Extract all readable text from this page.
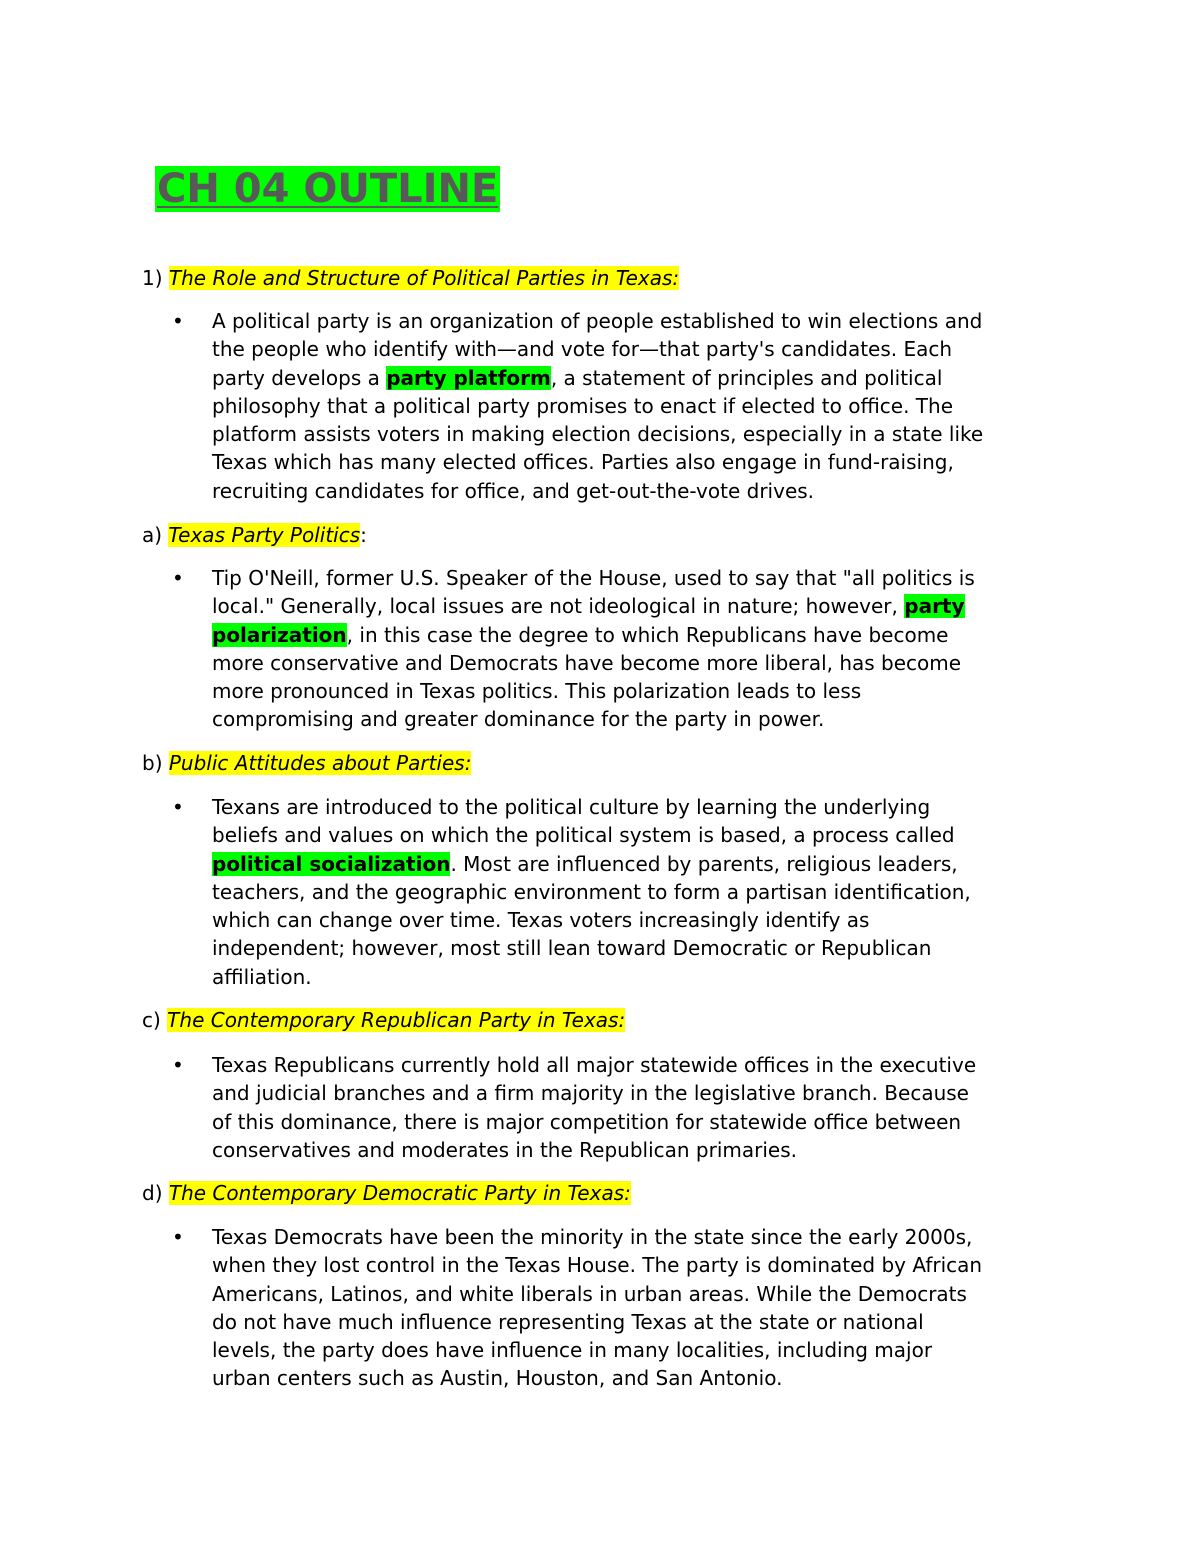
CH 04 OUTLINE
1) The Role and Structure of Political Parties in Texas:
• A political party is an organization of people established to win elections and
the people who identify with—and vote for—that party's candidates. Each
party develops a party platform, a statement of principles and political
philosophy that a political party promises to enact if elected to office. The
platform assists voters in making election decisions, especially in a state like
Texas which has many elected offices. Parties also engage in fund-raising,
recruiting candidates for office, and get-out-the-vote drives.

a) Texas Party Politics:
• Tip O'Neill, former U.S. Speaker of the House, used to say that "all politics is
local." Generally, local issues are not ideological in nature; however, party
polarization, in this case the degree to which Republicans have become
more conservative and Democrats have become more liberal, has become
more pronounced in Texas politics. This polarization leads to less
compromising and greater dominance for the party in power.

b) Public Attitudes about Parties:
• Texans are introduced to the political culture by learning the underlying
beliefs and values on which the political system is based, a process called
political socialization. Most are influenced by parents, religious leaders,
teachers, and the geographic environment to form a partisan identification,
which can change over time. Texas voters increasingly identify as
independent; however, most still lean toward Democratic or Republican
affiliation.

c) The Contemporary Republican Party in Texas:
• Texas Republicans currently hold all major statewide offices in the executive
and judicial branches and a firm majority in the legislative branch. Because
of this dominance, there is major competition for statewide office between
conservatives and moderates in the Republican primaries.

d) The Contemporary Democratic Party in Texas:
• Texas Democrats have been the minority in the state since the early 2000s,
when they lost control in the Texas House. The party is dominated by African
Americans, Latinos, and white liberals in urban areas. While the Democrats
do not have much influence representing Texas at the state or national
levels, the party does have influence in many localities, including major
urban centers such as Austin, Houston, and San Antonio.
